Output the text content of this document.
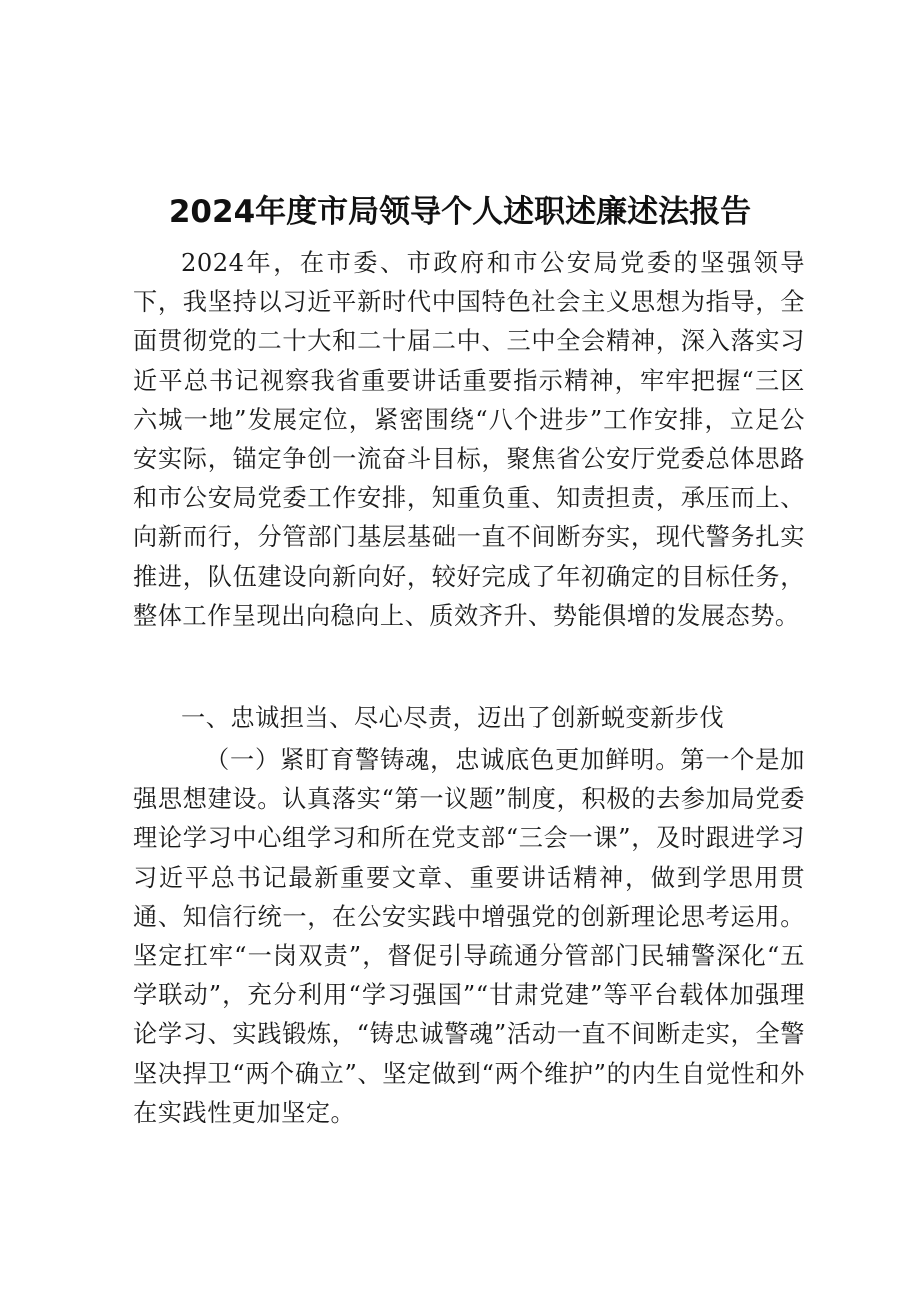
2024年度市局领导个人述职述廉述法报告

2024年，在市委、市政府和市公安局党委的坚强领导下，我坚持以习近平新时代中国特色社会主义思想为指导，全面贯彻党的二十大和二十届二中、三中全会精神，深入落实习近平总书记视察我省重要讲话重要指示精神，牢牢把握“三区六城一地”发展定位，紧密围绕“八个进步”工作安排，立足公安实际，锚定争创一流奋斗目标，聚焦省公安厅党委总体思路和市公安局党委工作安排，知重负重、知责担责，承压而上、向新而行，分管部门基层基础一直不间断夯实，现代警务扎实推进，队伍建设向新向好，较好完成了年初确定的目标任务，整体工作呈现出向稳向上、质效齐升、势能俱增的发展态势。

一、忠诚担当、尽心尽责，迈出了创新蜕变新步伐

（一）紧盯育警铸魂，忠诚底色更加鲜明。第一个是加强思想建设。认真落实“第一议题”制度，积极的去参加局党委理论学习中心组学习和所在党支部“三会一课”，及时跟进学习习近平总书记最新重要文章、重要讲话精神，做到学思用贯通、知信行统一，在公安实践中增强党的创新理论思考运用。坚定扛牢“一岗双责”，督促引导疏通分管部门民辅警深化“五学联动”，充分利用“学习强国”“甘肃党建”等平台载体加强理论学习、实践锻炼，“铸忠诚警魂”活动一直不间断走实，全警坚决捍卫“两个确立”、坚定做到“两个维护”的内生自觉性和外在实践性更加坚定。
